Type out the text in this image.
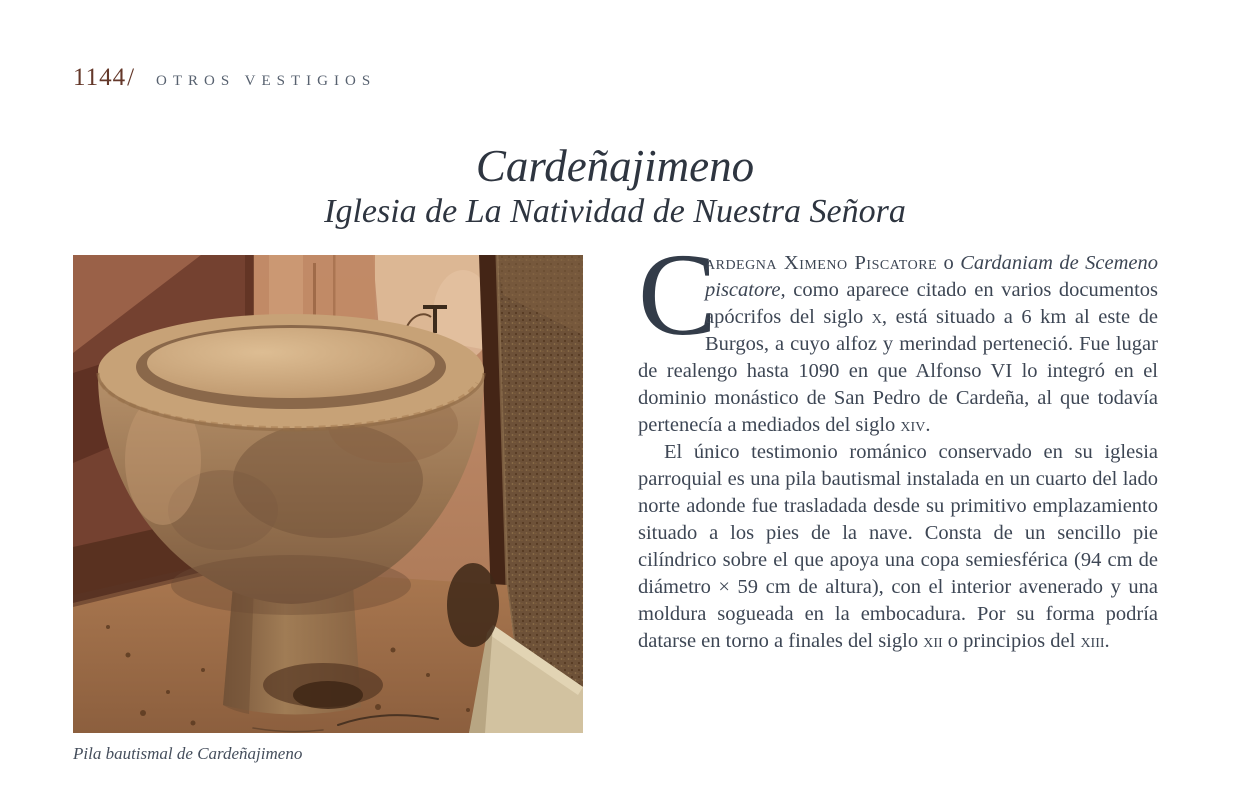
1144 / OTROS VESTIGIOS
Cardeñajimeno
Iglesia de La Natividad de Nuestra Señora
Pila bautismal de Cardeñajimeno

C
ardegna Ximeno Piscatore o Cardaniam de Scemeno piscatore, como aparece citado en varios documentos apócrifos del siglo x, está situado a 6 km al este de Burgos, a cuyo alfoz y merindad perteneció. Fue lugar de realengo hasta 1090 en que Alfonso VI lo integró en el dominio monástico de San Pedro de Cardeña, al que todavía pertenecía a mediados del siglo xiv.

El único testimonio románico conservado en su iglesia parroquial es una pila bautismal instalada en un cuarto del lado norte adonde fue trasladada desde su primitivo emplazamiento situado a los pies de la nave. Consta de un sencillo pie cilíndrico sobre el que apoya una copa semiesférica (94 cm de diámetro × 59 cm de altura), con el interior avenerado y una moldura sogueada en la embocadura. Por su forma podría datarse en torno a finales del siglo xii o principios del xiii.
